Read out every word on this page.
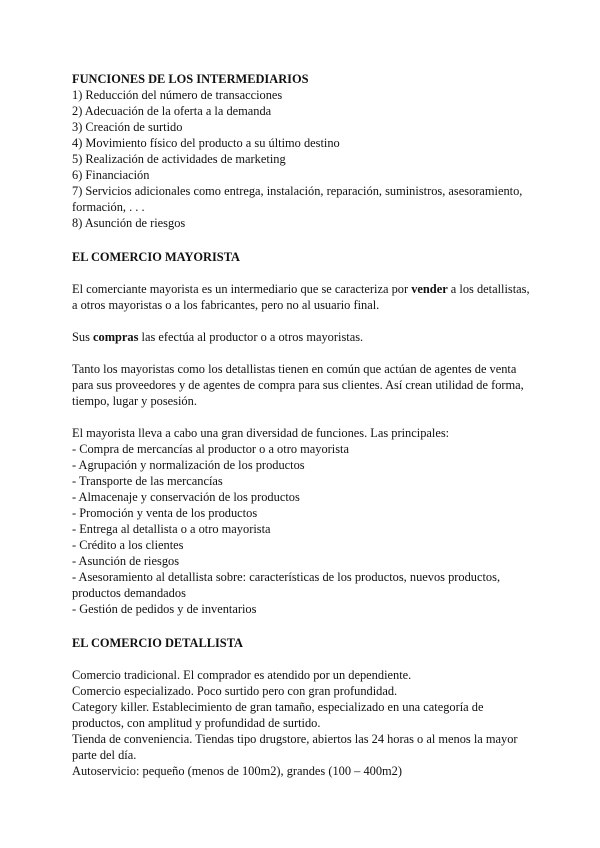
FUNCIONES DE LOS INTERMEDIARIOS

1) Reducción del número de transacciones

2) Adecuación de la oferta a la demanda

3) Creación de surtido

4) Movimiento físico del producto a su último destino

5) Realización de actividades de marketing

6) Financiación

7) Servicios adicionales como entrega, instalación, reparación, suministros, asesoramiento,

formación, . . .

8) Asunción de riesgos

EL COMERCIO MAYORISTA

El comerciante mayorista es un intermediario que se caracteriza por vender a los detallistas,

a otros mayoristas o a los fabricantes, pero no al usuario final.

Sus compras las efectúa al productor o a otros mayoristas.

Tanto los mayoristas como los detallistas tienen en común que actúan de agentes de venta

para sus proveedores y de agentes de compra para sus clientes. Así crean utilidad de forma,

tiempo, lugar y posesión.

El mayorista lleva a cabo una gran diversidad de funciones. Las principales:

- Compra de mercancías al productor o a otro mayorista

- Agrupación y normalización de los productos

- Transporte de las mercancías

- Almacenaje y conservación de los productos

- Promoción y venta de los productos

- Entrega al detallista o a otro mayorista

- Crédito a los clientes

- Asunción de riesgos

- Asesoramiento al detallista sobre: características de los productos, nuevos productos,

productos demandados

- Gestión de pedidos y de inventarios

EL COMERCIO DETALLISTA

Comercio tradicional. El comprador es atendido por un dependiente.

Comercio especializado. Poco surtido pero con gran profundidad.

Category killer. Establecimiento de gran tamaño, especializado en una categoría de

productos, con amplitud y profundidad de surtido.

Tienda de conveniencia. Tiendas tipo drugstore, abiertos las 24 horas o al menos la mayor

parte del día.

Autoservicio: pequeño (menos de 100m2), grandes (100 – 400m2)
